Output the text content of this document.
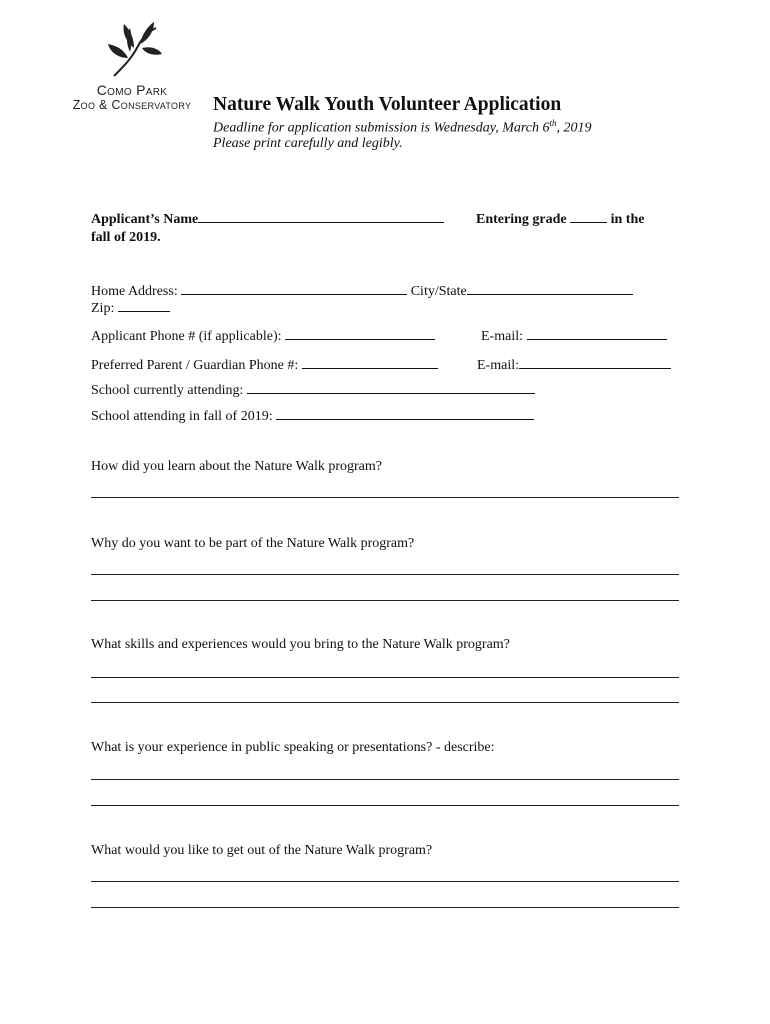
Como Park
Zoo & Conservatory	Nature Walk Youth Volunteer Application
Deadline for application submission is Wednesday, March 6th, 2019
Please print carefully and legibly.
Applicant’s Name	Entering grade	in the
fall of 2019.
Home Address:	City/State
Zip:
Applicant Phone # (if applicable):	E-mail:
Preferred Parent / Guardian Phone #:	E-mail:
School currently attending:
School attending in fall of 2019:
How did you learn about the Nature Walk program?
Why do you want to be part of the Nature Walk program?
What skills and experiences would you bring to the Nature Walk program?
What is your experience in public speaking or presentations? - describe:
What would you like to get out of the Nature Walk program?
